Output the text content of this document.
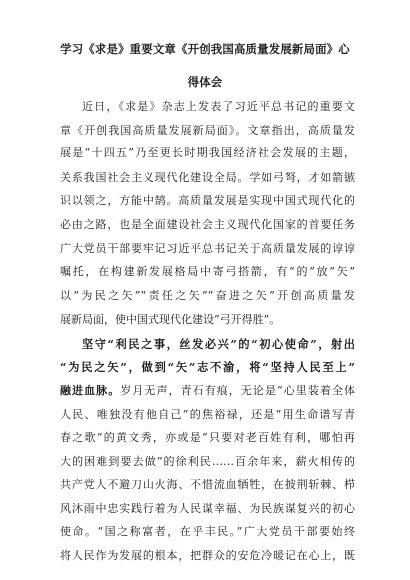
学习《求是》重要文章《开创我国高质量发展新局面》心
得体会
近日，《求是》杂志上发表了习近平总书记的重要文
章《开创我国高质量发展新局面》。文章指出，高质量发
展是“十四五”乃至更长时期我国经济社会发展的主题，
关系我国社会主义现代化建设全局。学如弓弩，才如箭镞
识以领之，方能中鹄。高质量发展是实现中国式现代化的
必由之路，也是全面建设社会主义现代化国家的首要任务
广大党员干部要牢记习近平总书记关于高质量发展的谆谆
嘱托，在构建新发展格局中寄弓搭箭，有“的”放“矢”
以“为民之矢”“责任之矢”“奋进之矢”开创高质量发
展新局面，使中国式现代化建设“弓开得胜”。
坚守“利民之事，丝发必兴”的“初心使命”，射出
“为民之矢”，做到“矢”志不渝，将“坚持人民至上”
融进血脉。岁月无声，青石有痕，无论是“心里装着全体
人民、唯独没有他自己”的焦裕禄，还是“用生命谱写青
春之歌”的黄文秀，亦或是“只要对老百姓有利，哪怕再
大的困难到要去做”的徐利民……百余年来，薪火相传的
共产党人不避刀山火海、不惜流血牺牲，在披荆斩棘、栉
风沐雨中忠实践行着为人民谋幸福、为民族谋复兴的初心
使命。“国之称富者，在乎丰民。”广大党员干部要始终
将人民作为发展的根本，把群众的安危冷暖记在心上，既
